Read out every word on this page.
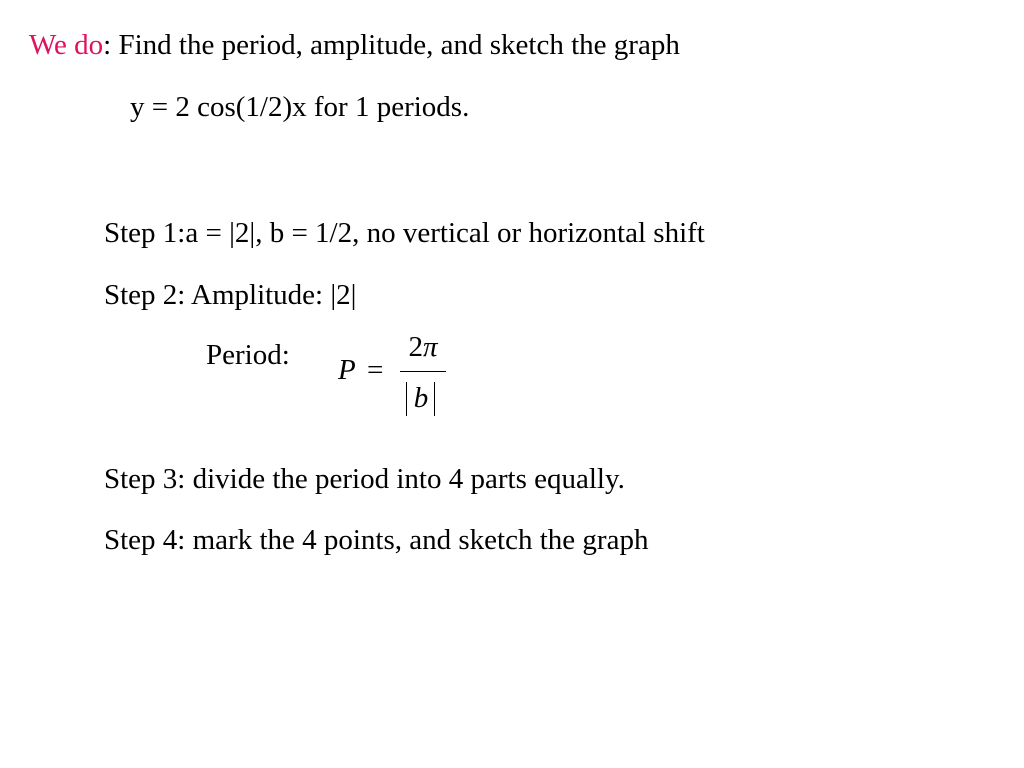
We do: Find the period, amplitude, and sketch the graph
y = 2 cos(1/2)x for 1 periods.
Step 1:a = |2|, b = 1/2, no vertical or horizontal shift
Step 2: Amplitude: |2|
Period: P =
2π
b
Step 3: divide the period into 4 parts equally.
Step 4: mark the 4 points, and sketch the graph
